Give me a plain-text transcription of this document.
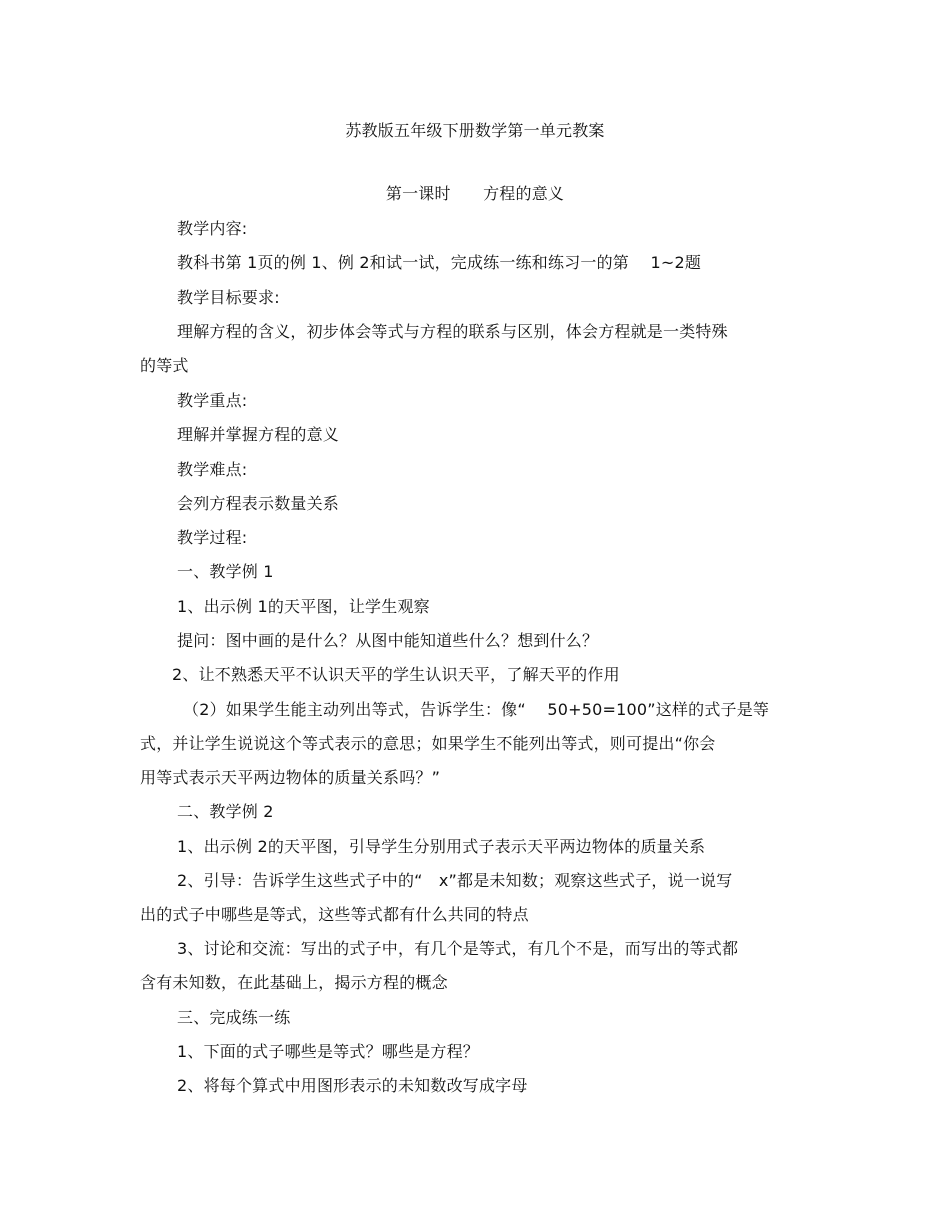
苏教版五年级下册数学第一单元教案
第一课时　　方程的意义
教学内容:
教科书第 1页的例 1、例 2和试一试，完成练一练和练习一的第　 1~2题
教学目标要求:
理解方程的含义，初步体会等式与方程的联系与区别，体会方程就是一类特殊
的等式
教学重点:
理解并掌握方程的意义
教学难点:
会列方程表示数量关系
教学过程:
一、教学例 1
1、出示例 1的天平图，让学生观察
提问：图中画的是什么？从图中能知道些什么？想到什么？
2、让不熟悉天平不认识天平的学生认识天平，了解天平的作用
（2）如果学生能主动列出等式，告诉学生：像“　 50+50=100”这样的式子是等
式，并让学生说说这个等式表示的意思；如果学生不能列出等式，则可提出“你会
用等式表示天平两边物体的质量关系吗？”
二、教学例 2
1、出示例 2的天平图，引导学生分别用式子表示天平两边物体的质量关系
2、引导：告诉学生这些式子中的“　x”都是未知数；观察这些式子，说一说写
出的式子中哪些是等式，这些等式都有什么共同的特点
3、讨论和交流：写出的式子中，有几个是等式，有几个不是，而写出的等式都
含有未知数，在此基础上，揭示方程的概念
三、完成练一练
1、下面的式子哪些是等式？哪些是方程？
2、将每个算式中用图形表示的未知数改写成字母
